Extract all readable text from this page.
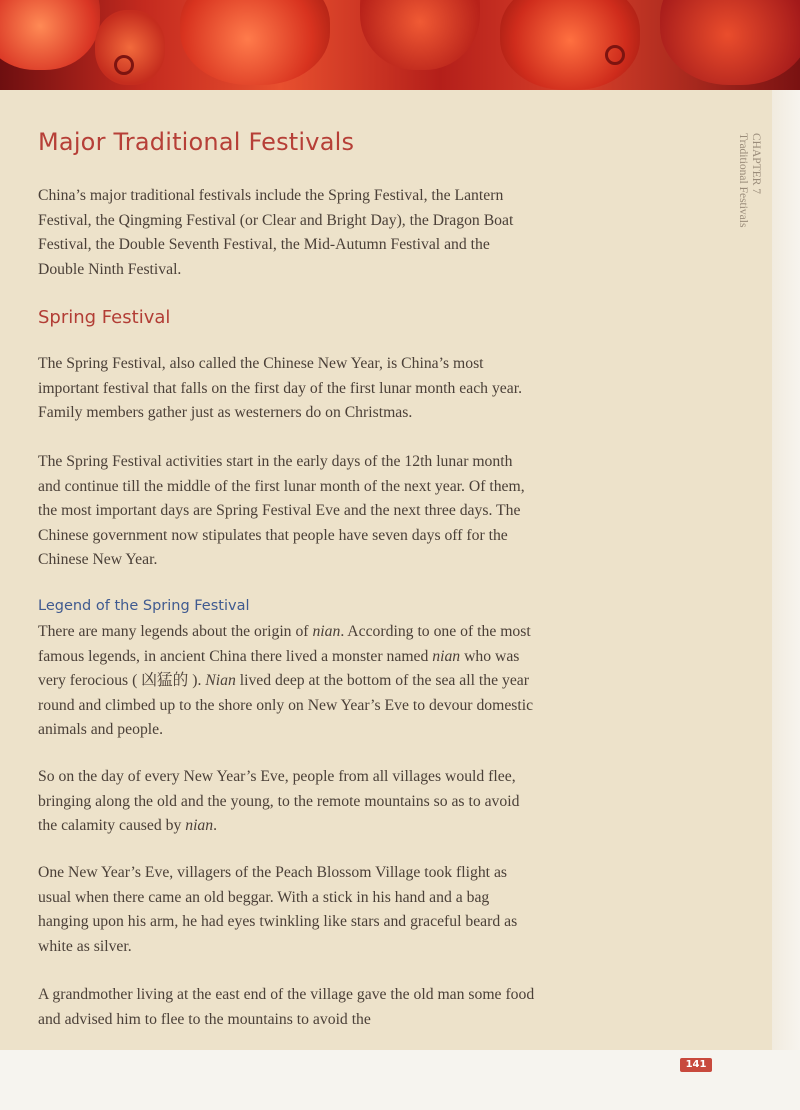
CHAPTER 7
Traditional Festivals
Major Traditional Festivals

China’s major traditional festivals include the Spring Festival, the Lantern Festival, the Qingming Festival (or Clear and Bright Day), the Dragon Boat Festival, the Double Seventh Festival, the Mid-Autumn Festival and the Double Ninth Festival.

Spring Festival

The Spring Festival, also called the Chinese New Year, is China’s most important festival that falls on the first day of the first lunar month each year. Family members gather just as westerners do on Christmas.

The Spring Festival activities start in the early days of the 12th lunar month and continue till the middle of the first lunar month of the next year. Of them, the most important days are Spring Festival Eve and the next three days. The Chinese government now stipulates that people have seven days off for the Chinese New Year.

Legend of the Spring Festival

There are many legends about the origin of nian. According to one of the most famous legends, in ancient China there lived a monster named nian who was very ferocious ( 凶猛的 ). Nian lived deep at the bottom of the sea all the year round and climbed up to the shore only on New Year’s Eve to devour domestic animals and people.

So on the day of every New Year’s Eve, people from all villages would flee, bringing along the old and the young, to the remote mountains so as to avoid the calamity caused by nian.

One New Year’s Eve, villagers of the Peach Blossom Village took flight as usual when there came an old beggar. With a stick in his hand and a bag hanging upon his arm, he had eyes twinkling like stars and graceful beard as white as silver.

A grandmother living at the east end of the village gave the old man some food and advised him to flee to the mountains to avoid the

141
